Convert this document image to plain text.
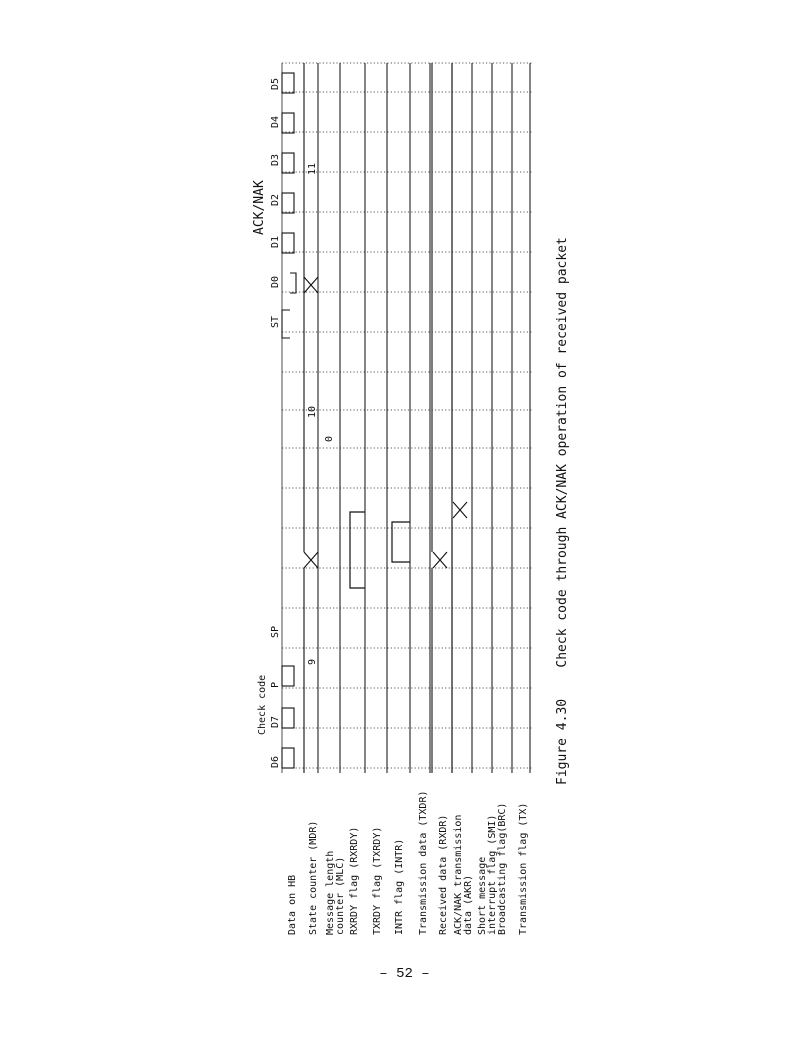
Data on HB State counter (MDR) Message length counter (MLC) RXRDY flag (RXRDY) TXRDY flag (TXRDY) INTR flag (INTR) Transmission data (TXDR) Received data (RXDR) ACK/NAK transmission data (AKR) Short message interrupt flag (SMI) Broadcasting flag(BRC) Transmission flag (TX)
D6
D7
P
SP
ST
D0
D1
D2
D3
D4
D5
9
10
11
0
Check code
ACK/NAK
Figure 4.30    Check code through ACK/NAK operation of received packet
– 52 –
